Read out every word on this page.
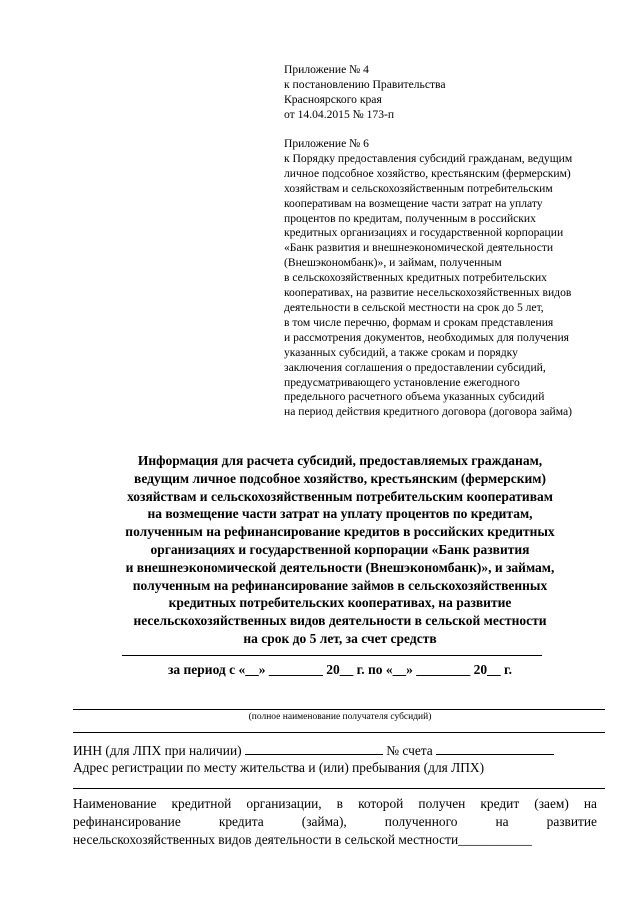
Приложение № 4

к постановлению Правительства

Красноярского края

от 14.04.2015 № 173-п

Приложение № 6

к Порядку предоставления субсидий гражданам, ведущим

личное подсобное хозяйство, крестьянским (фермерским)

хозяйствам и сельскохозяйственным потребительским

кооперативам на возмещение части затрат на уплату

процентов по кредитам, полученным в российских

кредитных организациях и государственной корпорации

«Банк развития и внешнеэкономической деятельности

(Внешэкономбанк)», и займам, полученным

в сельскохозяйственных кредитных потребительских

кооперативах, на развитие несельскохозяйственных видов

деятельности в сельской местности на срок до 5 лет,

в том числе перечню, формам и срокам представления

и рассмотрения документов, необходимых для получения

указанных субсидий, а также срокам и порядку

заключения соглашения о предоставлении субсидий,

предусматривающего установление ежегодного

предельного расчетного объема указанных субсидий

на период действия кредитного договора (договора займа)

Информация для расчета субсидий, предоставляемых гражданам,

ведущим личное подсобное хозяйство, крестьянским (фермерским)

хозяйствам и сельскохозяйственным потребительским кооперативам

на возмещение части затрат на уплату процентов по кредитам,

полученным на рефинансирование кредитов в российских кредитных

организациях и государственной корпорации «Банк развития

и внешнеэкономической деятельности (Внешэкономбанк)», и займам,

полученным на рефинансирование займов в сельскохозяйственных

кредитных потребительских кооперативах, на развитие

несельскохозяйственных видов деятельности в сельской местности

на срок до 5 лет, за счет средств

за период с «__» ________ 20__ г. по «__» ________ 20__ г.
(полное наименование получателя субсидий)
ИНН (для ЛПХ при наличии)	№ счета
Адрес регистрации по месту жительства и (или) пребывания (для ЛПХ)
Наименование кредитной организации, в которой получен кредит (заем) на
рефинансирование кредита (займа), полученного на развитие
несельскохозяйственных видов деятельности в сельской местности___________
